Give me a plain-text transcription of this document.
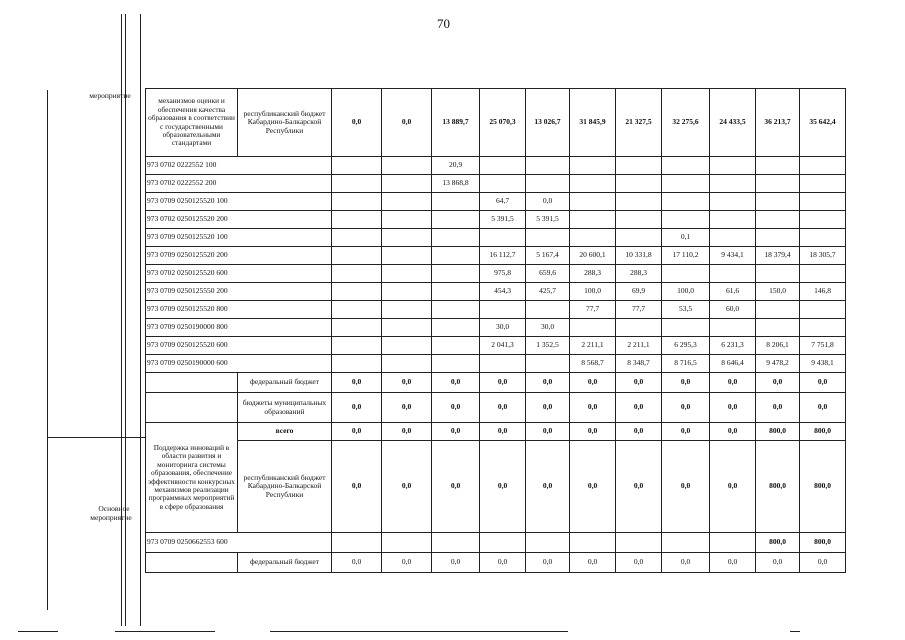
70
мероприятие
Основное
мероприятие
механизмов оценки и обеспечения качества образования в соответствии с государственными образовательными стандартами	республиканский бюджет Кабардино-Балкарской Республики	0,0	0,0	13 889,7	25 070,3	13 026,7	31 845,9	21 327,5	32 275,6	24 433,5	36 213,7	35 642,4
973 0702 0222552 100				20,9								
973 0702 0222552 200				13 868,8								
973 0709 0250125520 100					64,7	0,0						
973 0702 0250125520 200					5 391,5	5 391,5						
973 0709 0250125520 100									0,1			
973 0709 0250125520 200					16 112,7	5 167,4	20 600,1	10 331,8	17 110,2	9 434,1	18 379,4	18 305,7
973 0702 0250125520 600					975,8	659,6	288,3	288,3				
973 0709 0250125550 200					454,3	425,7	100,0	69,9	100,0	61,6	150,0	146,8
973 0709 0250125520 800							77,7	77,7	53,5	60,0		
973 0709 0250190000 800					30,0	30,0						
973 0709 0250125520 600					2 041,3	1 352,5	2 211,1	2 211,1	6 295,3	6 231,3	8 206,1	7 751,8
973 0709 0250190000 600							8 568,7	8 348,7	8 716,5	8 646,4	9 478,2	9 438,1
	федеральный бюджет	0,0	0,0	0,0	0,0	0,0	0,0	0,0	0,0	0,0	0,0	0,0
	бюджеты муниципальных образований	0,0	0,0	0,0	0,0	0,0	0,0	0,0	0,0	0,0	0,0	0,0
Поддержка инноваций в области развития и мониторинга системы образования, обеспечение эффективности конкурсных механизмов реализации программных мероприятий в сфере образования	всего	0,0	0,0	0,0	0,0	0,0	0,0	0,0	0,0	0,0	800,0	800,0
	республиканский бюджет Кабардино-Балкарской Республики	0,0	0,0	0,0	0,0	0,0	0,0	0,0	0,0	0,0	800,0	800,0
973 0709 0250662553 600											800,0	800,0
	федеральный бюджет	0,0	0,0	0,0	0,0	0,0	0,0	0,0	0,0	0,0	0,0	0,0
